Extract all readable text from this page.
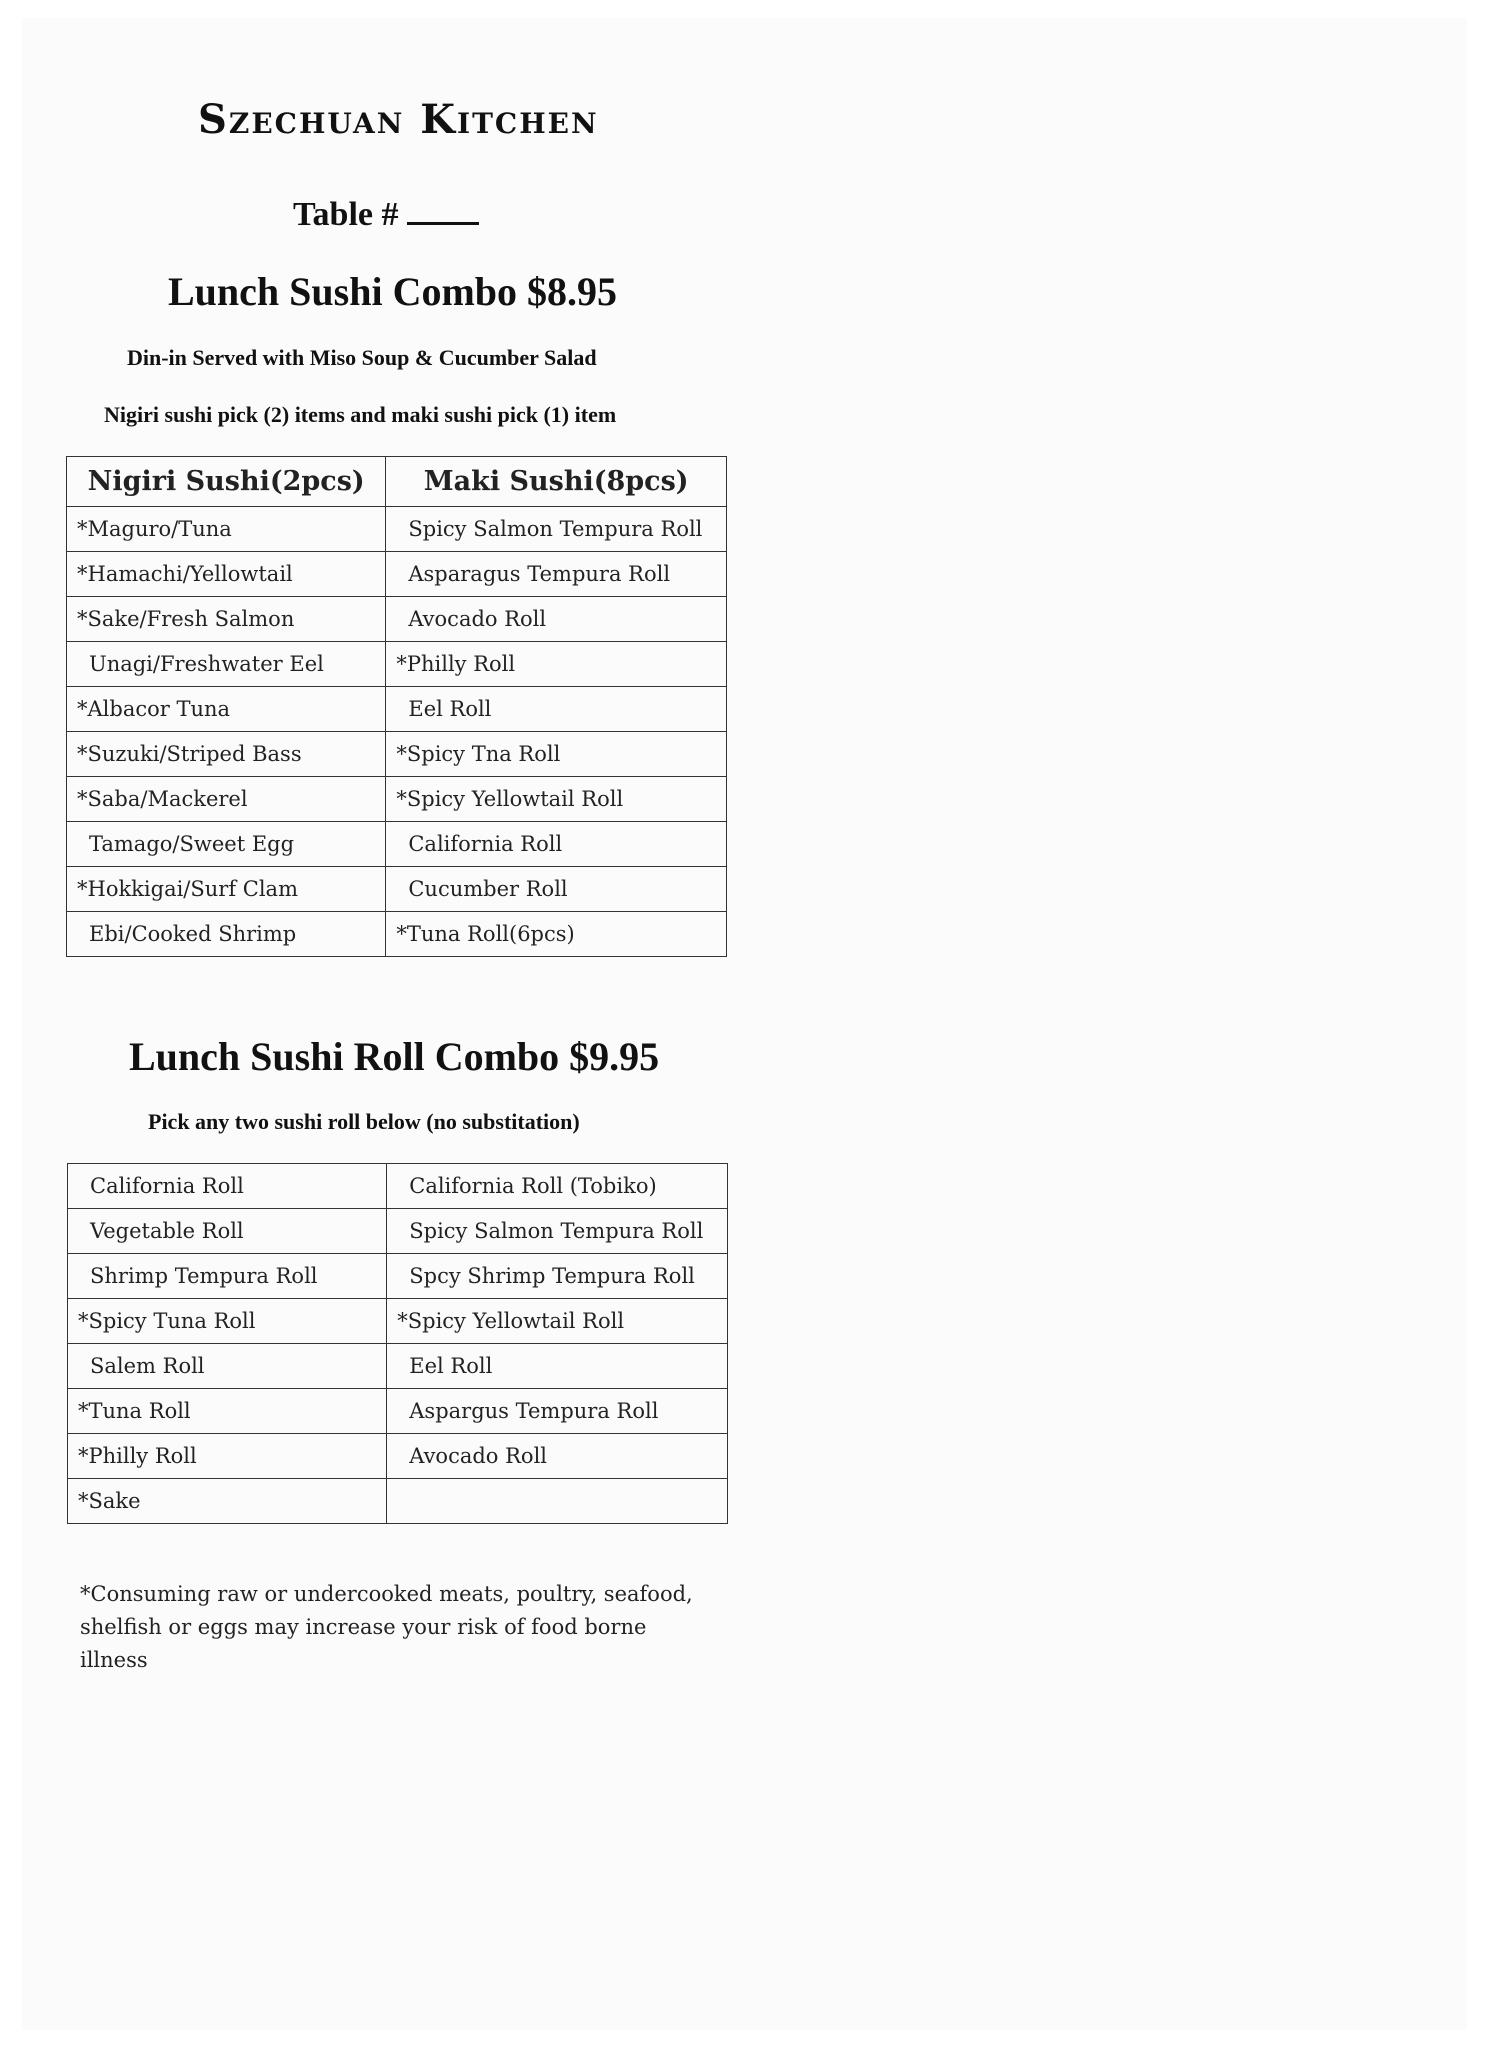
Szechuan Kitchen
Table #
Lunch Sushi Combo $8.95
Din-in Served with Miso Soup & Cucumber Salad
Nigiri sushi pick (2) items and maki sushi pick (1) item
Nigiri Sushi(2pcs)	Maki Sushi(8pcs)
*Maguro/Tuna	Spicy Salmon Tempura Roll
*Hamachi/Yellowtail	Asparagus Tempura Roll
*Sake/Fresh Salmon	Avocado Roll
Unagi/Freshwater Eel	*Philly Roll
*Albacor Tuna	Eel Roll
*Suzuki/Striped Bass	*Spicy Tna Roll
*Saba/Mackerel	*Spicy Yellowtail Roll
Tamago/Sweet Egg	California Roll
*Hokkigai/Surf Clam	Cucumber Roll
Ebi/Cooked Shrimp	*Tuna Roll(6pcs)
Lunch Sushi Roll Combo $9.95
Pick any two sushi roll below (no substitation)
California Roll	California Roll (Tobiko)
Vegetable Roll	Spicy Salmon Tempura Roll
Shrimp Tempura Roll	Spcy Shrimp Tempura Roll
*Spicy Tuna Roll	*Spicy Yellowtail Roll
Salem Roll	Eel Roll
*Tuna Roll	Aspargus Tempura Roll
*Philly Roll	Avocado Roll
*Sake	
*Consuming raw or undercooked meats, poultry, seafood, shelfish or eggs may increase your risk of food borne illness
